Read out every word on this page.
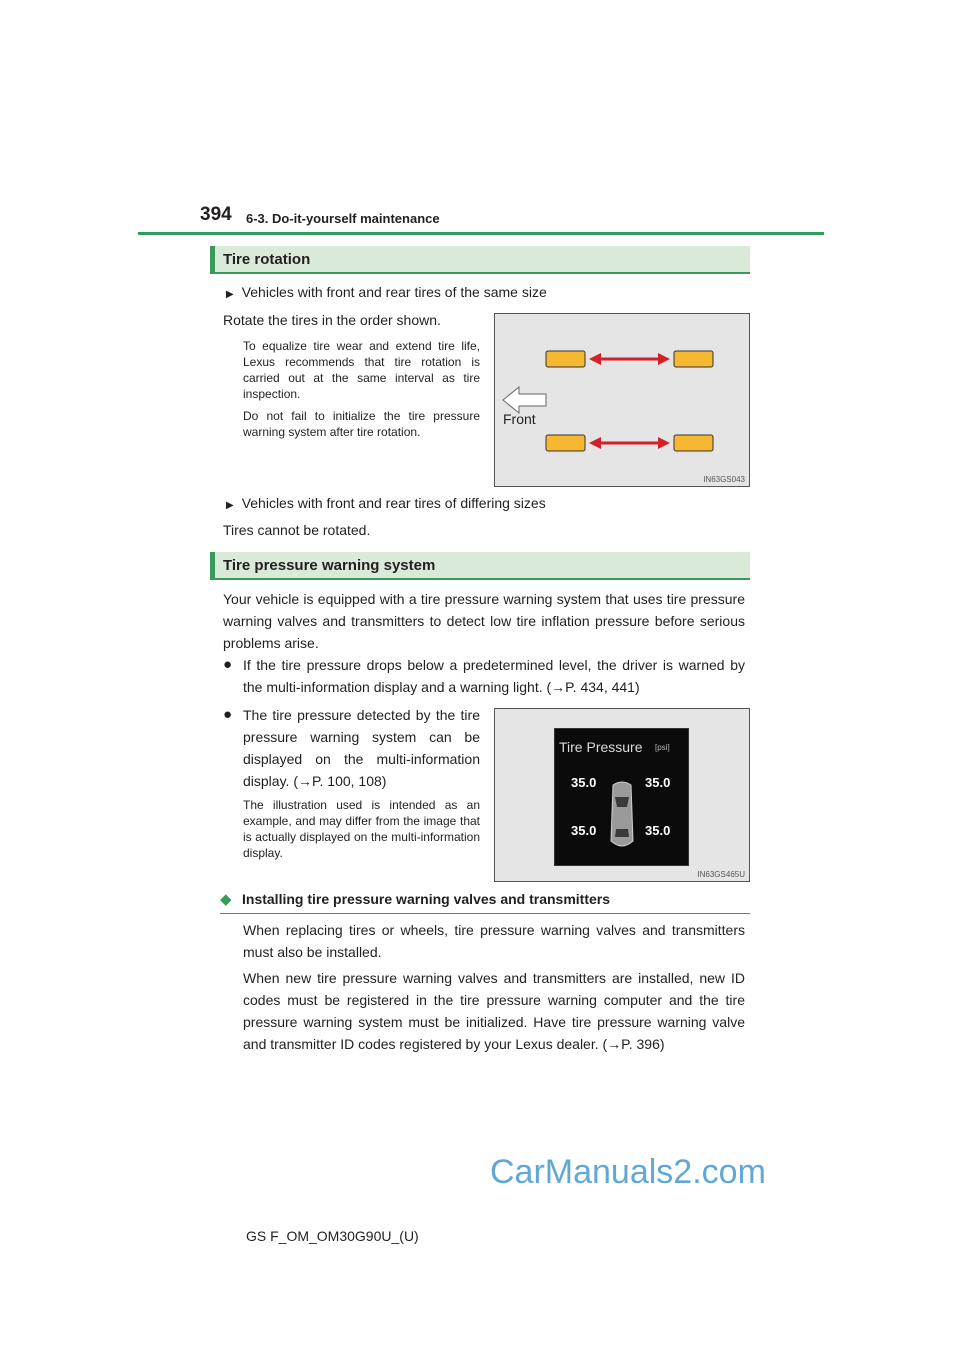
394 6-3. Do-it-yourself maintenance
Tire rotation
▶ Vehicles with front and rear tires of the same size
Rotate the tires in the order shown.
To equalize tire wear and extend tire life, Lexus recommends that tire rotation is carried out at the same interval as tire inspection.
Do not fail to initialize the tire pressure warning system after tire rotation.
Front
IN63GS043
▶ Vehicles with front and rear tires of differing sizes
Tires cannot be rotated.
Tire pressure warning system
Your vehicle is equipped with a tire pressure warning system that uses tire pressure warning valves and transmitters to detect low tire inflation pressure before serious problems arise.
● If the tire pressure drops below a predetermined level, the driver is warned by the multi-information display and a warning light. (→P. 434, 441)
● The tire pressure detected by the tire pressure warning system can be displayed on the multi-information display. (→P. 100, 108)
The illustration used is intended as an example, and may differ from the image that is actually displayed on the multi-information display.
Tire Pressure [psi]
35.0	35.0
35.0	35.0
IN63GS465U
◆ Installing tire pressure warning valves and transmitters
When replacing tires or wheels, tire pressure warning valves and transmitters must also be installed.
When new tire pressure warning valves and transmitters are installed, new ID codes must be registered in the tire pressure warning computer and the tire pressure warning system must be initialized. Have tire pressure warning valve and transmitter ID codes registered by your Lexus dealer. (→P. 396)
CarManuals2.com
GS F_OM_OM30G90U_(U)
